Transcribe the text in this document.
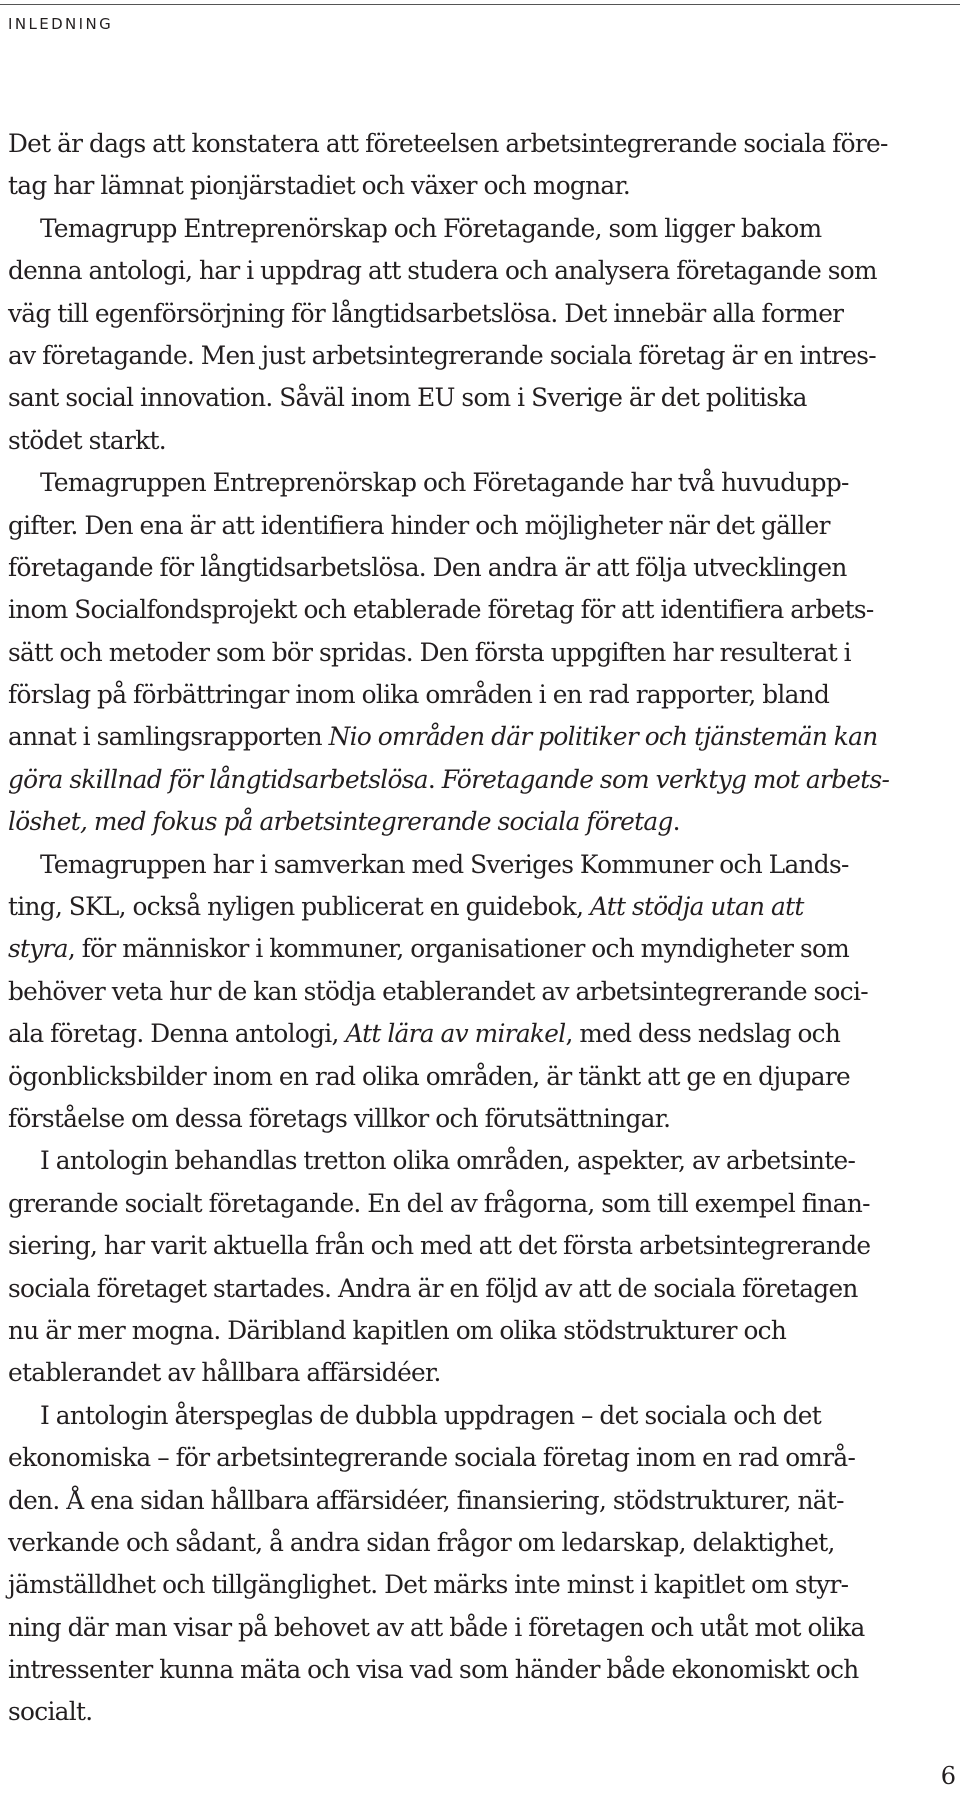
INLEDNING
Det är dags att konstatera att företeelsen arbetsintegrerande sociala före-
tag har lämnat pionjärstadiet och växer och mognar.
Temagrupp Entreprenörskap och Företagande, som ligger bakom
denna antologi, har i uppdrag att studera och analysera företagande som
väg till egenförsörjning för långtidsarbetslösa. Det innebär alla former
av företagande. Men just arbetsintegrerande sociala företag är en intres-
sant social innovation. Såväl inom EU som i Sverige är det politiska
stödet starkt.
Temagruppen Entreprenörskap och Företagande har två huvudupp-
gifter. Den ena är att identifiera hinder och möjligheter när det gäller
företagande för långtidsarbetslösa. Den andra är att följa utvecklingen
inom Socialfondsprojekt och etablerade företag för att identifiera arbets-
sätt och metoder som bör spridas. Den första uppgiften har resulterat i
förslag på förbättringar inom olika områden i en rad rapporter, bland
annat i samlingsrapporten Nio områden där politiker och tjänstemän kan
göra skillnad för långtidsarbetslösa. Företagande som verktyg mot arbets-
löshet, med fokus på arbetsintegrerande sociala företag.
Temagruppen har i samverkan med Sveriges Kommuner och Lands-
ting, SKL, också nyligen publicerat en guidebok, Att stödja utan att
styra, för människor i kommuner, organisationer och myndigheter som
behöver veta hur de kan stödja etablerandet av arbetsintegrerande soci-
ala företag. Denna antologi, Att lära av mirakel, med dess nedslag och
ögonblicksbilder inom en rad olika områden, är tänkt att ge en djupare
förståelse om dessa företags villkor och förutsättningar.
I antologin behandlas tretton olika områden, aspekter, av arbetsinte-
grerande socialt företagande. En del av frågorna, som till exempel finan-
siering, har varit aktuella från och med att det första arbetsintegrerande
sociala företaget startades. Andra är en följd av att de sociala företagen
nu är mer mogna. Däribland kapitlen om olika stödstrukturer och
etablerandet av hållbara affärsidéer.
I antologin återspeglas de dubbla uppdragen – det sociala och det
ekonomiska – för arbetsintegrerande sociala företag inom en rad områ-
den. Å ena sidan hållbara affärsidéer, finansiering, stödstrukturer, nät-
verkande och sådant, å andra sidan frågor om ledarskap, delaktighet,
jämställdhet och tillgänglighet. Det märks inte minst i kapitlet om styr-
ning där man visar på behovet av att både i företagen och utåt mot olika
intressenter kunna mäta och visa vad som händer både ekonomiskt och
socialt.
6
